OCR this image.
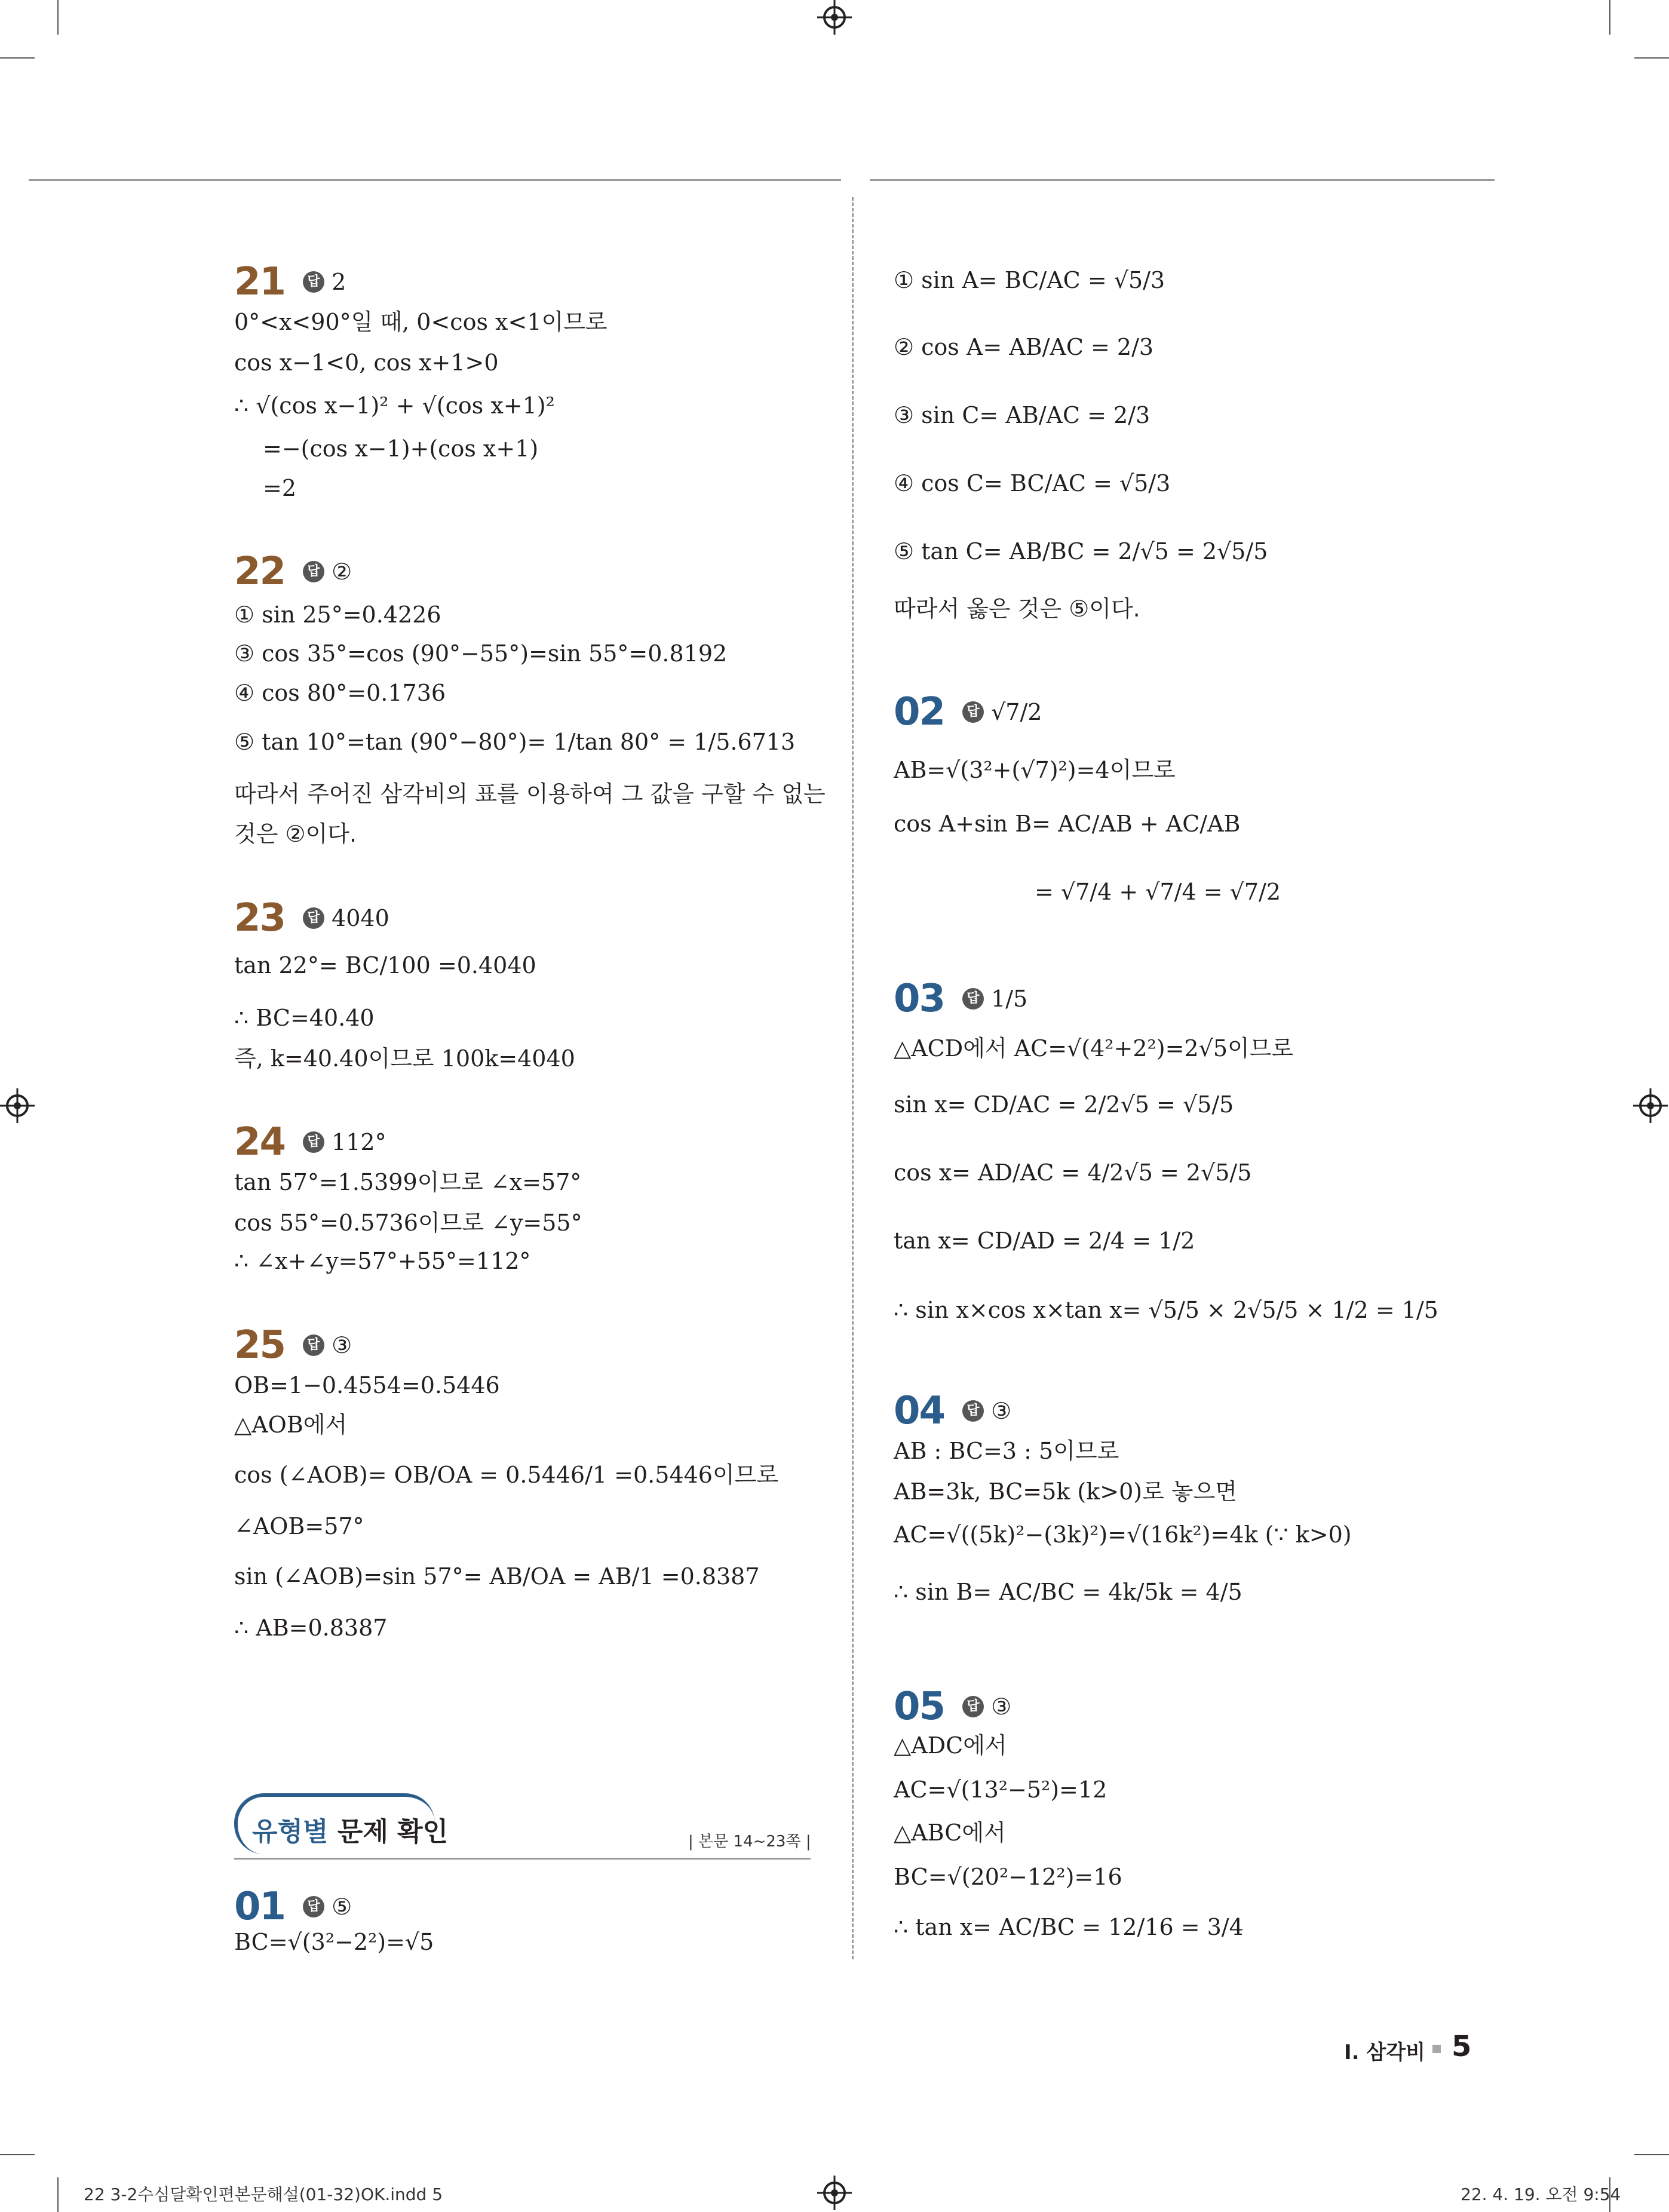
21	답 2
0°<x<90°일 때, 0<cos x<1이므로
cos x−1<0, cos x+1>0
∴ √(cos x−1)² + √(cos x+1)²
=−(cos x−1)+(cos x+1)
=2
22	답 ②
① sin 25°=0.4226
③ cos 35°=cos (90°−55°)=sin 55°=0.8192
④ cos 80°=0.1736
⑤ tan 10°=tan (90°−80°)= 1/tan 80° = 1/5.6713
따라서 주어진 삼각비의 표를 이용하여 그 값을 구할 수 없는
것은 ②이다.
23	답 4040
tan 22°= BC/100 =0.4040
∴ BC=40.40
즉, k=40.40이므로 100k=4040
24	답 112°
tan 57°=1.5399이므로 ∠x=57°
cos 55°=0.5736이므로 ∠y=55°
∴ ∠x+∠y=57°+55°=112°
25	답 ③
OB=1−0.4554=0.5446
△AOB에서
cos (∠AOB)= OB/OA = 0.5446/1 =0.5446이므로
∠AOB=57°
sin (∠AOB)=sin 57°= AB/OA = AB/1 =0.8387
∴ AB=0.8387
유형별 문제 확인	| 본문 14~23쪽 |
01	답 ⑤
BC=√(3²−2²)=√5
① sin A= BC/AC = √5/3
② cos A= AB/AC = 2/3
③ sin C= AB/AC = 2/3
④ cos C= BC/AC = √5/3
⑤ tan C= AB/BC = 2/√5 = 2√5/5
따라서 옳은 것은 ⑤이다.
02	답 √7/2
AB=√(3²+(√7)²)=4이므로
cos A+sin B= AC/AB + AC/AB
= √7/4 + √7/4 = √7/2
03	답 1/5
△ACD에서 AC=√(4²+2²)=2√5이므로
sin x= CD/AC = 2/2√5 = √5/5
cos x= AD/AC = 4/2√5 = 2√5/5
tan x= CD/AD = 2/4 = 1/2
∴ sin x×cos x×tan x= √5/5 × 2√5/5 × 1/2 = 1/5
04	답 ③
AB : BC=3 : 5이므로
AB=3k, BC=5k (k>0)로 놓으면
AC=√((5k)²−(3k)²)=√(16k²)=4k (∵ k>0)
∴ sin B= AC/BC = 4k/5k = 4/5
05	답 ③
△ADC에서
AC=√(13²−5²)=12
△ABC에서
BC=√(20²−12²)=16
∴ tan x= AC/BC = 12/16 = 3/4
I. 삼각비 5
22 3-2수심달확인편본문해설(01-32)OK.indd 5	22. 4. 19. 오전 9:54
